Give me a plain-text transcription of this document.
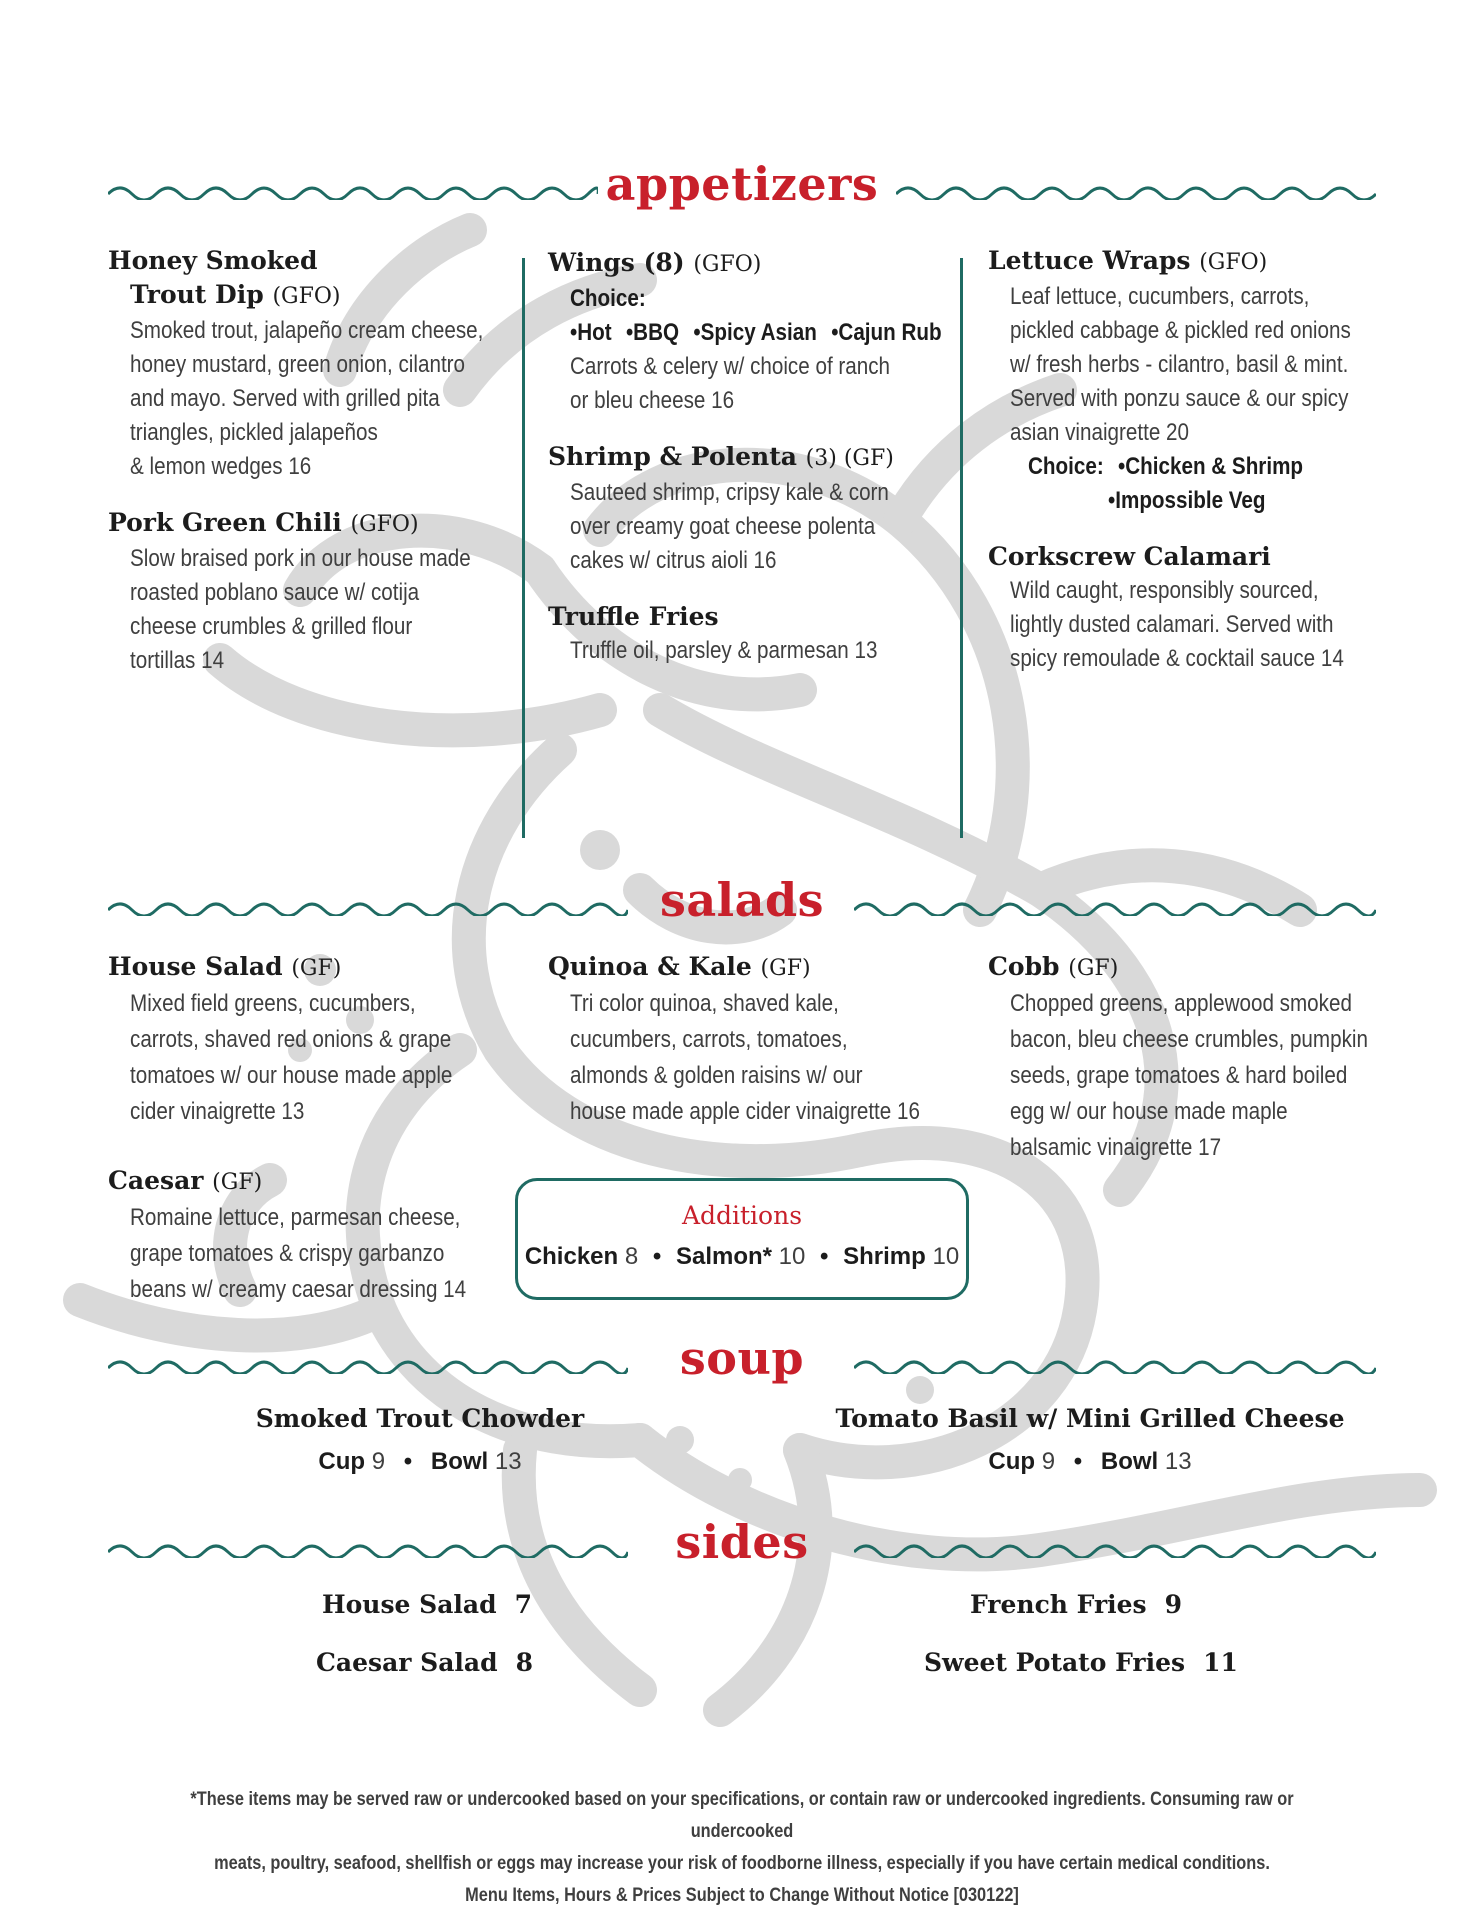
appetizers
Honey Smoked
Trout Dip (GFO)
Smoked trout, jalapeño cream cheese,
honey mustard, green onion, cilantro
and mayo. Served with grilled pita
triangles, pickled jalapeños
& lemon wedges 16
Pork Green Chili (GFO)
Slow braised pork in our house made
roasted poblano sauce w/ cotija
cheese crumbles & grilled flour
tortillas 14
Wings (8) (GFO)
Choice:
•Hot •BBQ •Spicy Asian •Cajun Rub
Carrots & celery w/ choice of ranch
or bleu cheese 16
Shrimp & Polenta (3) (GF)
Sauteed shrimp, cripsy kale & corn
over creamy goat cheese polenta
cakes w/ citrus aioli 16
Truffle Fries
Truffle oil, parsley & parmesan 13
Lettuce Wraps (GFO)
Leaf lettuce, cucumbers, carrots,
pickled cabbage & pickled red onions
w/ fresh herbs - cilantro, basil & mint.
Served with ponzu sauce & our spicy
asian vinaigrette 20
Choice: •Chicken & Shrimp
•Impossible Veg
Corkscrew Calamari
Wild caught, responsibly sourced,
lightly dusted calamari. Served with
spicy remoulade & cocktail sauce 14
salads
House Salad (GF)
Mixed field greens, cucumbers,
carrots, shaved red onions & grape
tomatoes w/ our house made apple
cider vinaigrette 13
Caesar (GF)
Romaine lettuce, parmesan cheese,
grape tomatoes & crispy garbanzo
beans w/ creamy caesar dressing 14
Quinoa & Kale (GF)
Tri color quinoa, shaved kale,
cucumbers, carrots, tomatoes,
almonds & golden raisins w/ our
house made apple cider vinaigrette 16
Cobb (GF)
Chopped greens, applewood smoked
bacon, bleu cheese crumbles, pumpkin
seeds, grape tomatoes & hard boiled
egg w/ our house made maple
balsamic vinaigrette 17
Additions
Chicken 8 • Salmon* 10 • Shrimp 10
soup
Smoked Trout Chowder
Cup 9 • Bowl 13
Tomato Basil w/ Mini Grilled Cheese
Cup 9 • Bowl 13
sides
House Salad 7
Caesar Salad 8
French Fries 9
Sweet Potato Fries 11
*These items may be served raw or undercooked based on your specifications, or contain raw or undercooked ingredients. Consuming raw or undercooked
meats, poultry, seafood, shellfish or eggs may increase your risk of foodborne illness, especially if you have certain medical conditions.
Menu Items, Hours & Prices Subject to Change Without Notice [030122]
